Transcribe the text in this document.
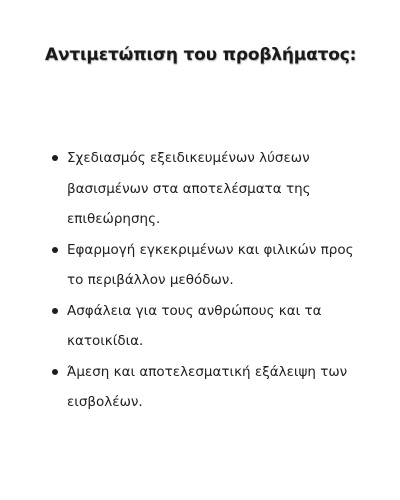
Αντιμετώπιση του προβλήματος:
Σχεδιασμός εξειδικευμένων λύσεων βασισμένων στα αποτελέσματα της επιθεώρησης.
Εφαρμογή εγκεκριμένων και φιλικών προς το περιβάλλον μεθόδων.
Ασφάλεια για τους ανθρώπους και τα κατοικίδια.
Άμεση και αποτελεσματική εξάλειψη των εισβολέων.
